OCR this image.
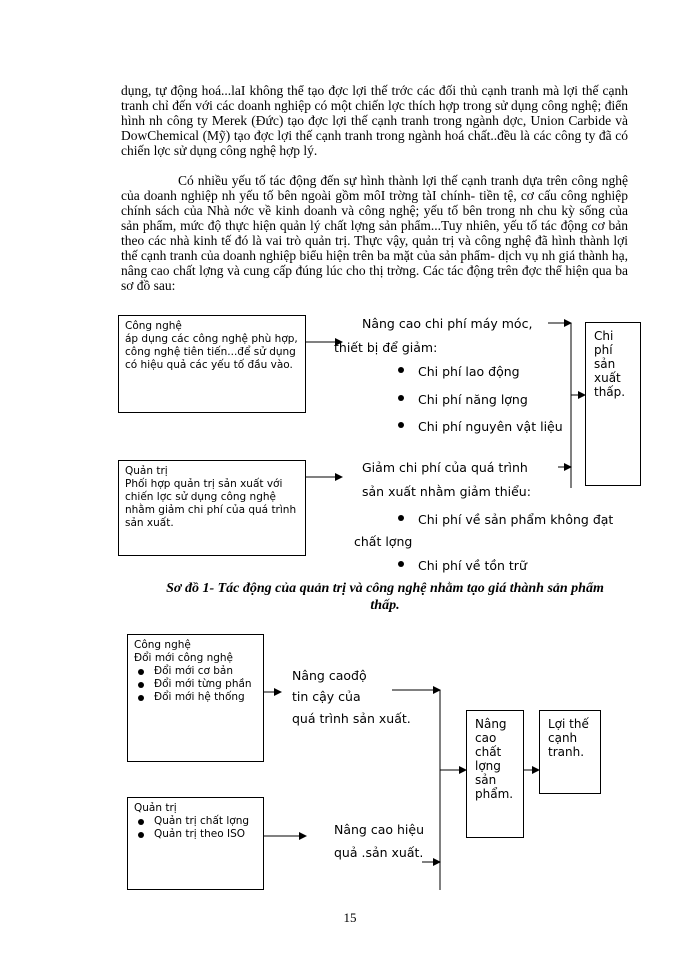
dụng, tự động hoá...laI không thể tạo đợc lợi thế trớc các đối thủ cạnh tranh mà lợi thế cạnh tranh chỉ đến với các doanh nghiệp có một chiến lợc thích hợp trong sử dụng công nghệ; điển hình nh công ty Merek (Đức) tạo đợc lợi thế cạnh tranh trong ngành dợc, Union Carbide và DowChemical (Mỹ) tạo đợc lợi thế cạnh tranh trong ngành hoá chất..đều là các công ty đã có chiến lợc sử dụng công nghệ hợp lý.

Có nhiều yếu tố tác động đến sự hình thành lợi thế cạnh tranh dựa trên công nghệ của doanh nghiệp nh yếu tố bên ngoài gồm môI trờng tàI chính- tiền tệ, cơ cấu công nghiệp chính sách của Nhà nớc về kinh doanh và công nghệ; yếu tố bên trong nh chu kỳ sống của sản phẩm, mức độ thực hiện quản lý chất lợng sản phẩm...Tuy nhiên, yếu tố tác động cơ bản theo các nhà kinh tế đó là vai trò quản trị. Thực vậy, quản trị và công nghệ đã hình thành lợi thế cạnh tranh của doanh nghiệp biểu hiện trên ba mặt của sản phẩm- dịch vụ nh giá thành hạ, nâng cao chất lợng và cung cấp đúng lúc cho thị trờng. Các tác động trên đợc thể hiện qua ba sơ đồ sau:

Công nghệ
áp dụng các công nghệ phù hợp, công nghệ tiên tiến...để sử dụng có hiệu quả các yếu tố đầu vào.
Quản trị
Phối hợp quản trị sản xuất với chiến lợc sử dụng công nghệ nhằm giảm chi phí của quá trình sản xuất.
Nâng cao chi phí máy móc,
thiết bị để giảm:
Chi phí lao động
Chi phí năng lợng
Chi phí nguyên vật liệu
Giảm chi phí của quá trình
sản xuất nhằm giảm thiểu:
Chi phí về sản phẩm không đạt
chất lợng
Chi phí về tồn trữ
Chi phí sản xuất thấp.
Sơ đồ 1- Tác động của quản trị và công nghệ nhằm tạo giá thành sản phẩm thấp.
Công nghệ
Đổi mới công nghệ
Đổi mới cơ bản
Đổi mới từng phần
Đổi mới hệ thống
Quản trị
Quản trị chất lợng
Quản trị theo ISO
Nâng caođộ
tin cậy của
quá trình sản xuất.
Nâng cao hiệu
quả .sản xuất.
Nâng cao chất lợng sản phẩm.
Lợi thế cạnh tranh.
15
